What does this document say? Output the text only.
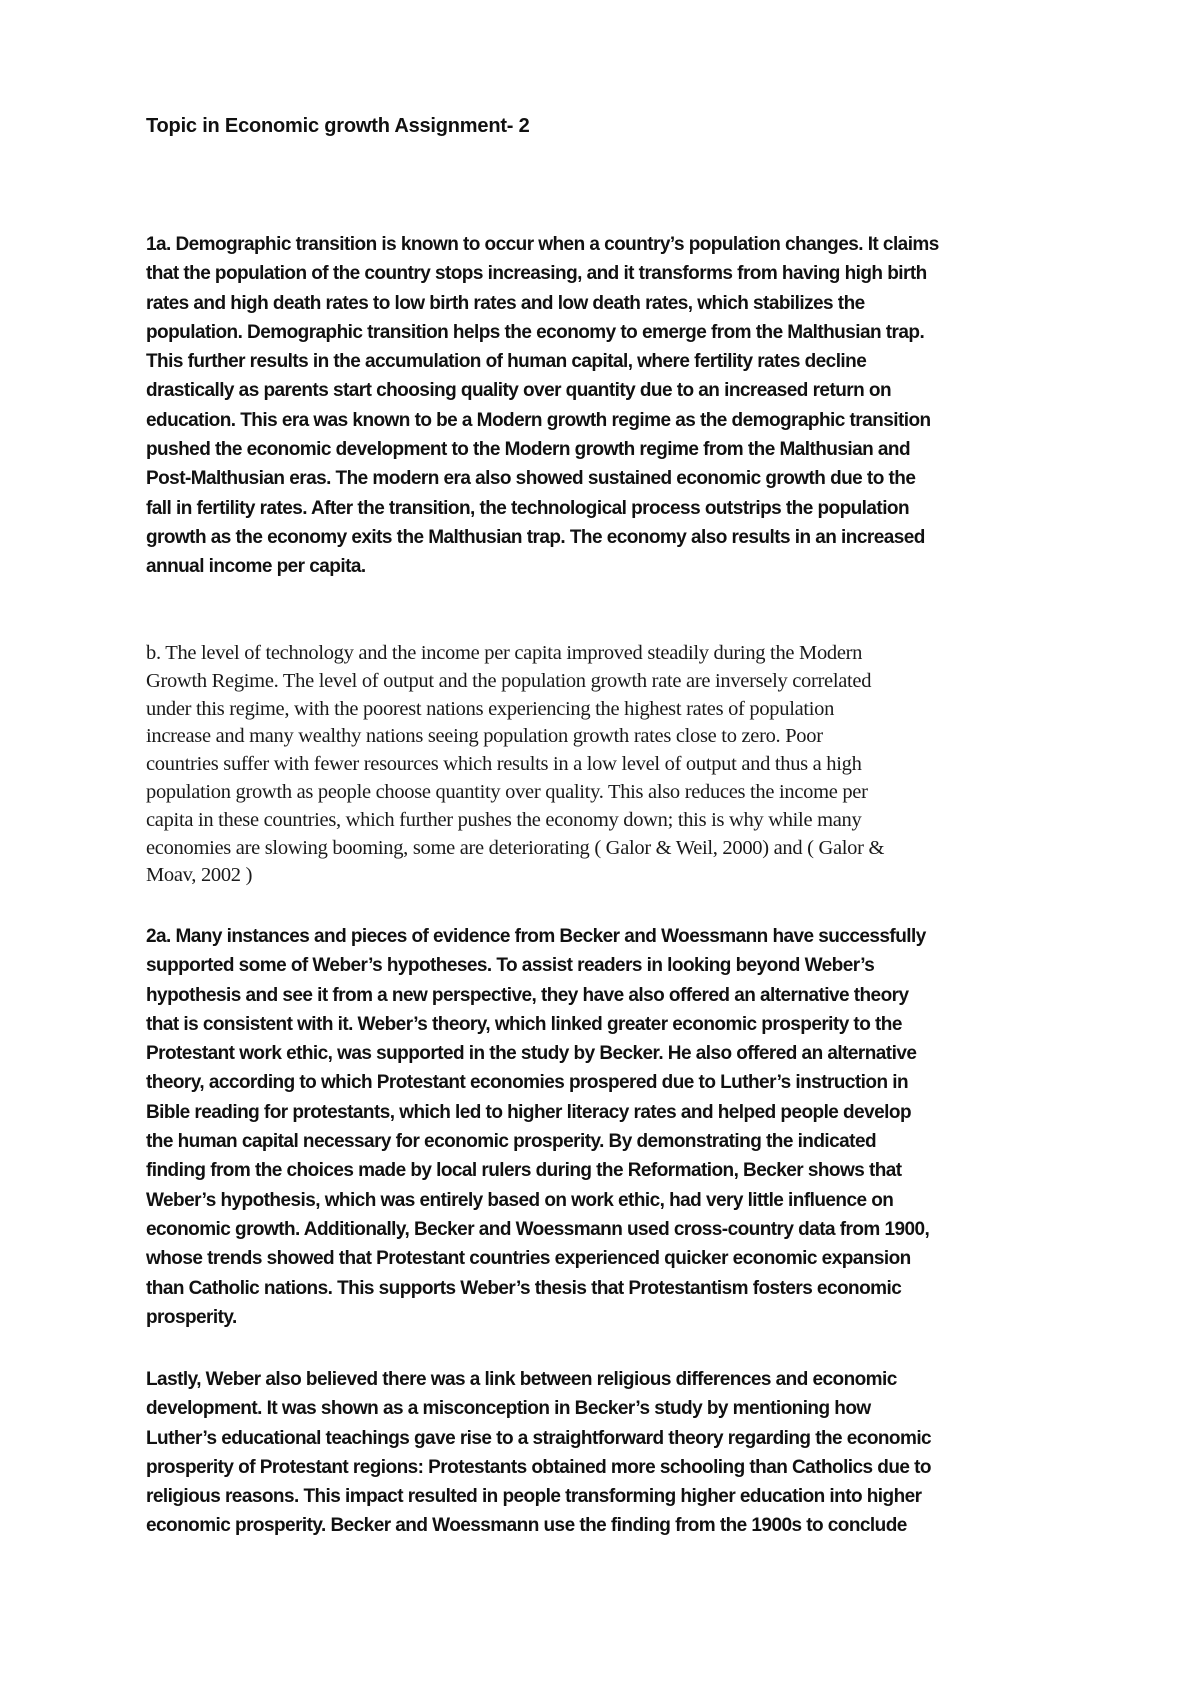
Topic in Economic growth Assignment- 2

1a. Demographic transition is known to occur when a country’s population changes. It claims
that the population of the country stops increasing, and it transforms from having high birth
rates and high death rates to low birth rates and low death rates, which stabilizes the
population. Demographic transition helps the economy to emerge from the Malthusian trap.
This further results in the accumulation of human capital, where fertility rates decline
drastically as parents start choosing quality over quantity due to an increased return on
education. This era was known to be a Modern growth regime as the demographic transition
pushed the economic development to the Modern growth regime from the Malthusian and
Post-Malthusian eras. The modern era also showed sustained economic growth due to the
fall in fertility rates. After the transition, the technological process outstrips the population
growth as the economy exits the Malthusian trap. The economy also results in an increased
annual income per capita.

b. The level of technology and the income per capita improved steadily during the Modern
Growth Regime. The level of output and the population growth rate are inversely correlated
under this regime, with the poorest nations experiencing the highest rates of population
increase and many wealthy nations seeing population growth rates close to zero. Poor
countries suffer with fewer resources which results in a low level of output and thus a high
population growth as people choose quantity over quality. This also reduces the income per
capita in these countries, which further pushes the economy down; this is why while many
economies are slowing booming, some are deteriorating ( Galor & Weil, 2000) and ( Galor &
Moav, 2002 )

2a. Many instances and pieces of evidence from Becker and Woessmann have successfully
supported some of Weber’s hypotheses. To assist readers in looking beyond Weber’s
hypothesis and see it from a new perspective, they have also offered an alternative theory
that is consistent with it. Weber’s theory, which linked greater economic prosperity to the
Protestant work ethic, was supported in the study by Becker. He also offered an alternative
theory, according to which Protestant economies prospered due to Luther’s instruction in
Bible reading for protestants, which led to higher literacy rates and helped people develop
the human capital necessary for economic prosperity. By demonstrating the indicated
finding from the choices made by local rulers during the Reformation, Becker shows that
Weber’s hypothesis, which was entirely based on work ethic, had very little influence on
economic growth. Additionally, Becker and Woessmann used cross-country data from 1900,
whose trends showed that Protestant countries experienced quicker economic expansion
than Catholic nations. This supports Weber’s thesis that Protestantism fosters economic
prosperity.

Lastly, Weber also believed there was a link between religious differences and economic
development. It was shown as a misconception in Becker’s study by mentioning how
Luther’s educational teachings gave rise to a straightforward theory regarding the economic
prosperity of Protestant regions: Protestants obtained more schooling than Catholics due to
religious reasons. This impact resulted in people transforming higher education into higher
economic prosperity. Becker and Woessmann use the finding from the 1900s to conclude
